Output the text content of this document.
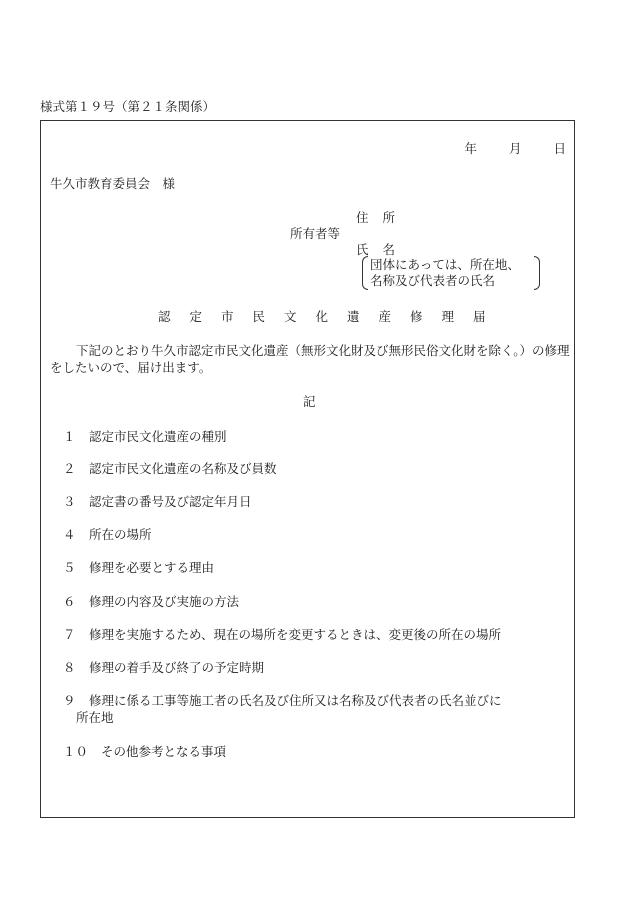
様式第１９号（第２１条関係）
年	月	日
牛久市教育委員会　様
住所
所有者等
氏名
団体にあっては、所在地、
名称及び代表者の氏名
認定市民文化遺産修理届
下記のとおり牛久市認定市民文化遺産（無形文化財及び無形民俗文化財を除く。）の修理をしたいので、届け出ます。
記
１ 認定市民文化遺産の種別
２ 認定市民文化遺産の名称及び員数
３ 認定書の番号及び認定年月日
４ 所在の場所
５ 修理を必要とする理由
６ 修理の内容及び実施の方法
７ 修理を実施するため、現在の場所を変更するときは、変更後の所在の場所
８ 修理の着手及び終了の予定時期
９ 修理に係る工事等施工者の氏名及び住所又は名称及び代表者の氏名並びに
所在地
１０ その他参考となる事項
